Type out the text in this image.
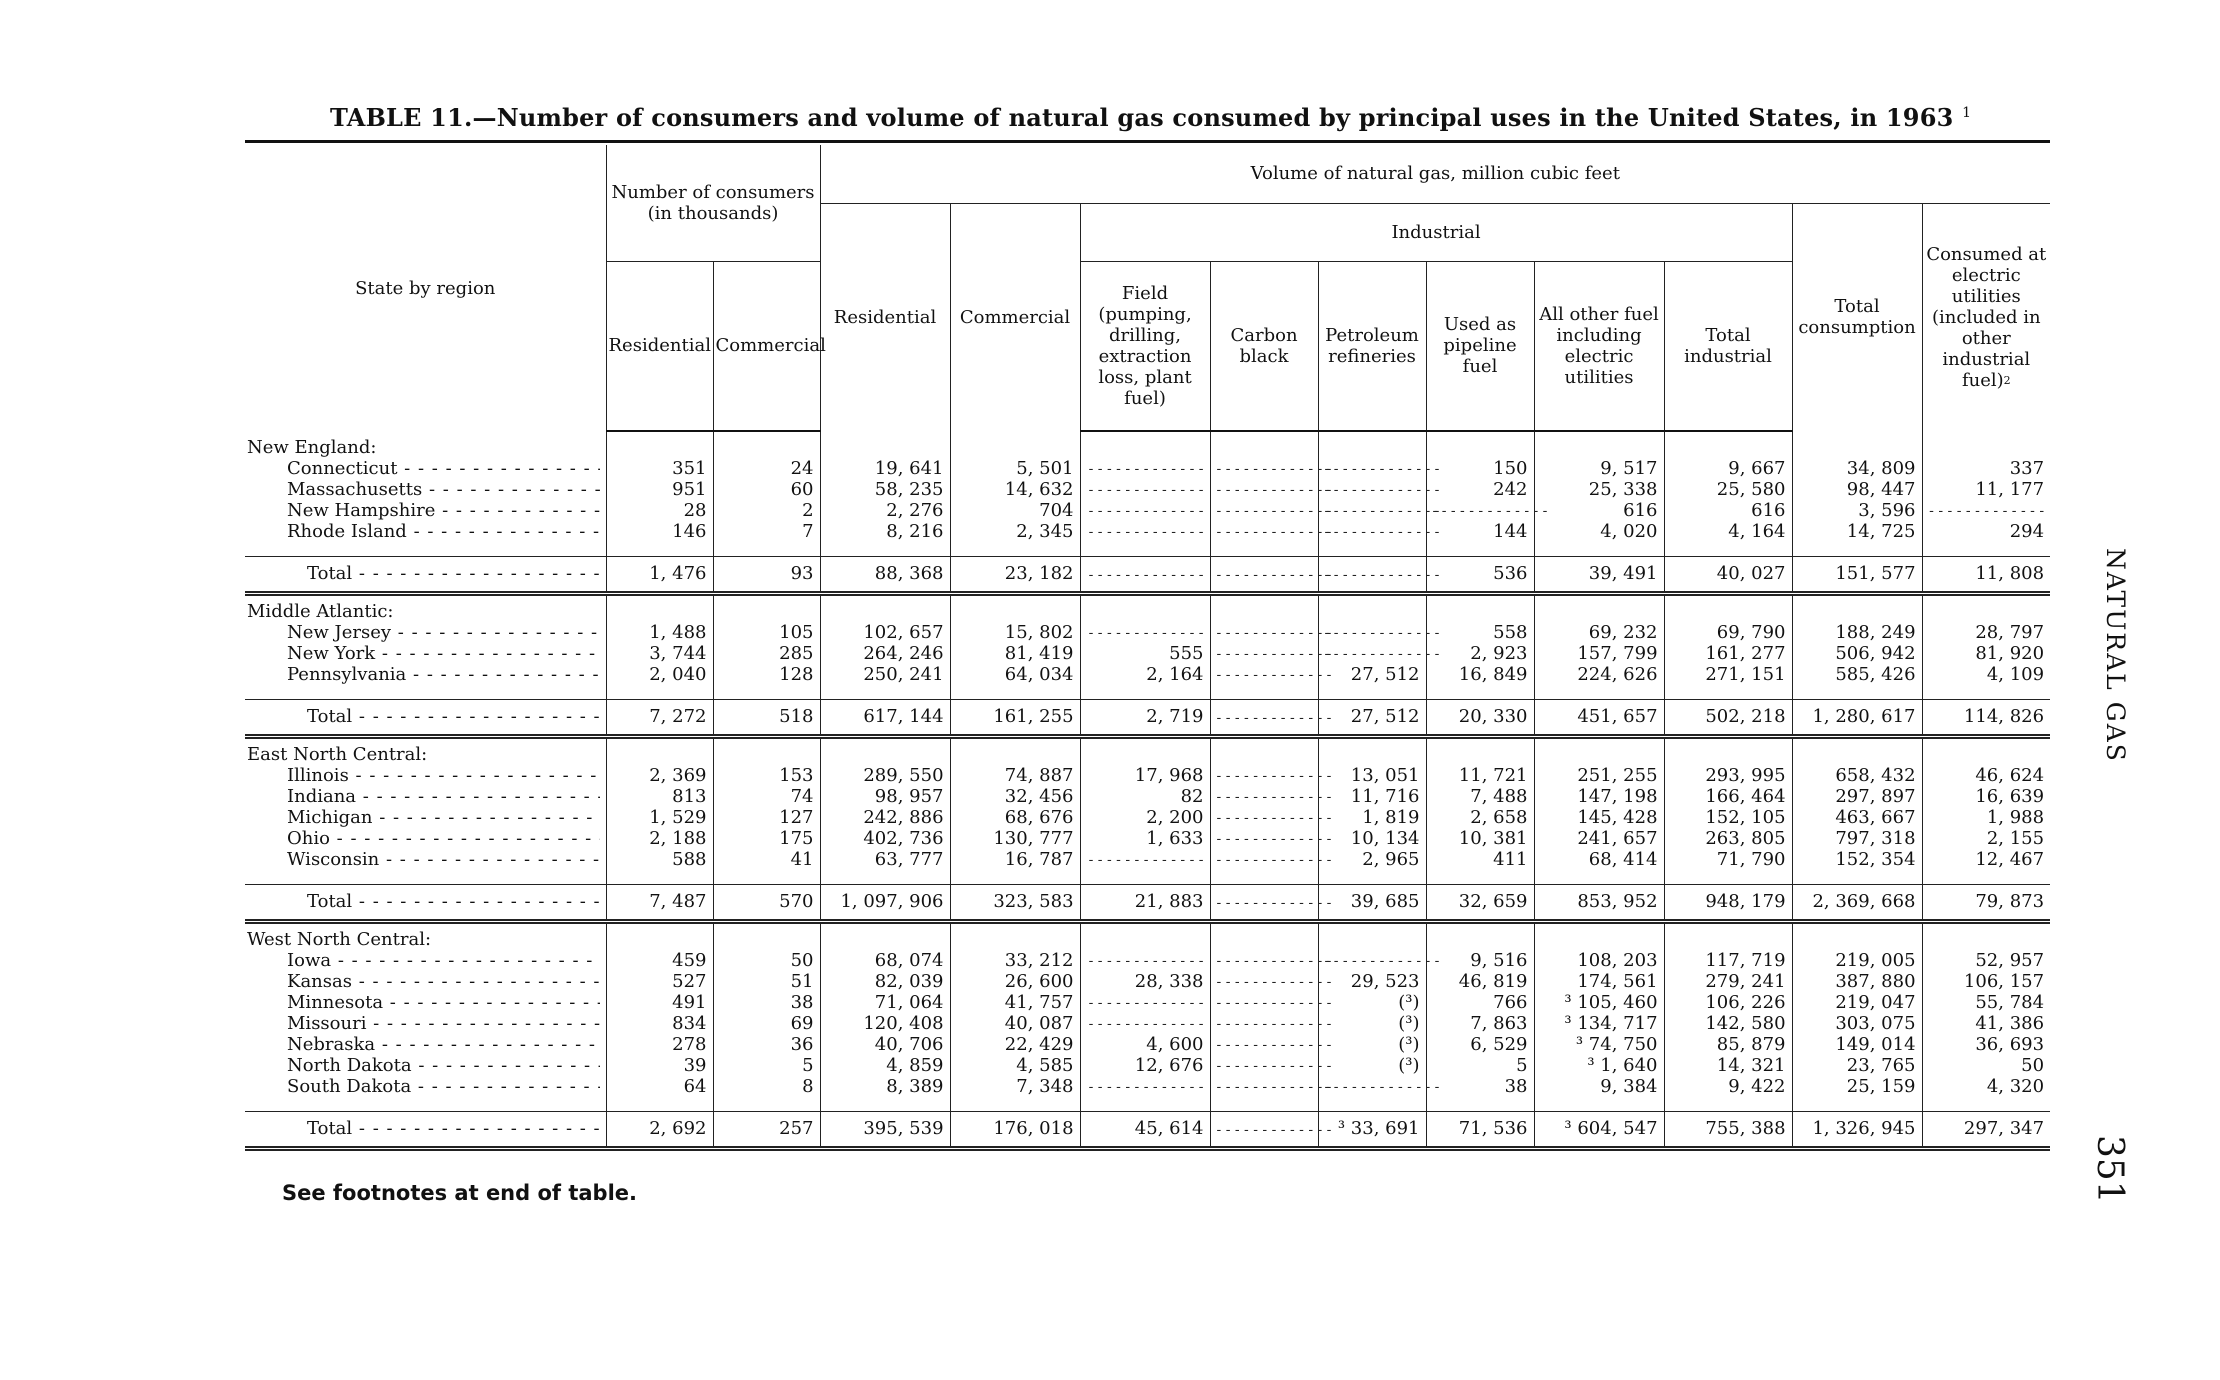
TABLE 11.—Number of consumers and volume of natural gas consumed by principal uses in the United States, in 1963 $^1$
State by region	Number of consumers (in thousands)		Volume of natural gas, million cubic feet									
			Residential	Commercial	Industrial						Total consumption	Consumed at electric utilities (included in other industrial fuel)$^2$
	Residential	Commercial			Field (pumping, drilling, extraction loss, plant fuel)	Carbon black	Petroleum refineries	Used as pipeline fuel	All other fuel including electric utilities	Total industrial		
New England:												

Connecticut - - -	351	24	19, 641	5, 501	- - -	- - -	- - -	150	9, 517	9, 667	34, 809	337

Massachusetts - - -	951	60	58, 235	14, 632	- - -	- - -	- - -	242	25, 338	25, 580	98, 447	11, 177

New Hampshire - - -	28	2	2, 276	704	- - -	- - -	- - -	- - -	616	616	3, 596	- - -

Rhode Island - - -	146	7	8, 216	2, 345	- - -	- - -	- - -	144	4, 020	4, 164	14, 725	294

Total - - -	1, 476	93	88, 368	23, 182	- - -	- - -	- - -	536	39, 491	40, 027	151, 577	11, 808
Middle Atlantic:												

New Jersey - - -	1, 488	105	102, 657	15, 802	- - -	- - -	- - -	558	69, 232	69, 790	188, 249	28, 797

New York - - -	3, 744	285	264, 246	81, 419	555	- - -	- - -	2, 923	157, 799	161, 277	506, 942	81, 920

Pennsylvania - - -	2, 040	128	250, 241	64, 034	2, 164	- - -	27, 512	16, 849	224, 626	271, 151	585, 426	4, 109

Total - - -	7, 272	518	617, 144	161, 255	2, 719	- - -	27, 512	20, 330	451, 657	502, 218	1, 280, 617	114, 826
East North Central:												

Illinois - - -	2, 369	153	289, 550	74, 887	17, 968	- - -	13, 051	11, 721	251, 255	293, 995	658, 432	46, 624

Indiana - - -	813	74	98, 957	32, 456	82	- - -	11, 716	7, 488	147, 198	166, 464	297, 897	16, 639

Michigan - - -	1, 529	127	242, 886	68, 676	2, 200	- - -	1, 819	2, 658	145, 428	152, 105	463, 667	1, 988

Ohio - - -	2, 188	175	402, 736	130, 777	1, 633	- - -	10, 134	10, 381	241, 657	263, 805	797, 318	2, 155

Wisconsin - - -	588	41	63, 777	16, 787	- - -	- - -	2, 965	411	68, 414	71, 790	152, 354	12, 467

Total - - -	7, 487	570	1, 097, 906	323, 583	21, 883	- - -	39, 685	32, 659	853, 952	948, 179	2, 369, 668	79, 873
West North Central:												

Iowa - - -	459	50	68, 074	33, 212	- - -	- - -	- - -	9, 516	108, 203	117, 719	219, 005	52, 957

Kansas - - -	527	51	82, 039	26, 600	28, 338	- - -	29, 523	46, 819	174, 561	279, 241	387, 880	106, 157

Minnesota - - -	491	38	71, 064	41, 757	- - -	- - -	(³)	766	³ 105, 460	106, 226	219, 047	55, 784

Missouri - - -	834	69	120, 408	40, 087	- - -	- - -	(³)	7, 863	³ 134, 717	142, 580	303, 075	41, 386

Nebraska - - -	278	36	40, 706	22, 429	4, 600	- - -	(³)	6, 529	³ 74, 750	85, 879	149, 014	36, 693

North Dakota - - -	39	5	4, 859	4, 585	12, 676	- - -	(³)	5	³ 1, 640	14, 321	23, 765	50

South Dakota - - -	64	8	8, 389	7, 348	- - -	- - -	- - -	38	9, 384	9, 422	25, 159	4, 320

Total - - -	2, 692	257	395, 539	176, 018	45, 614	- - -	³ 33, 691	71, 536	³ 604, 547	755, 388	1, 326, 945	297, 347
See footnotes at end of table.
NATURAL GAS
351
